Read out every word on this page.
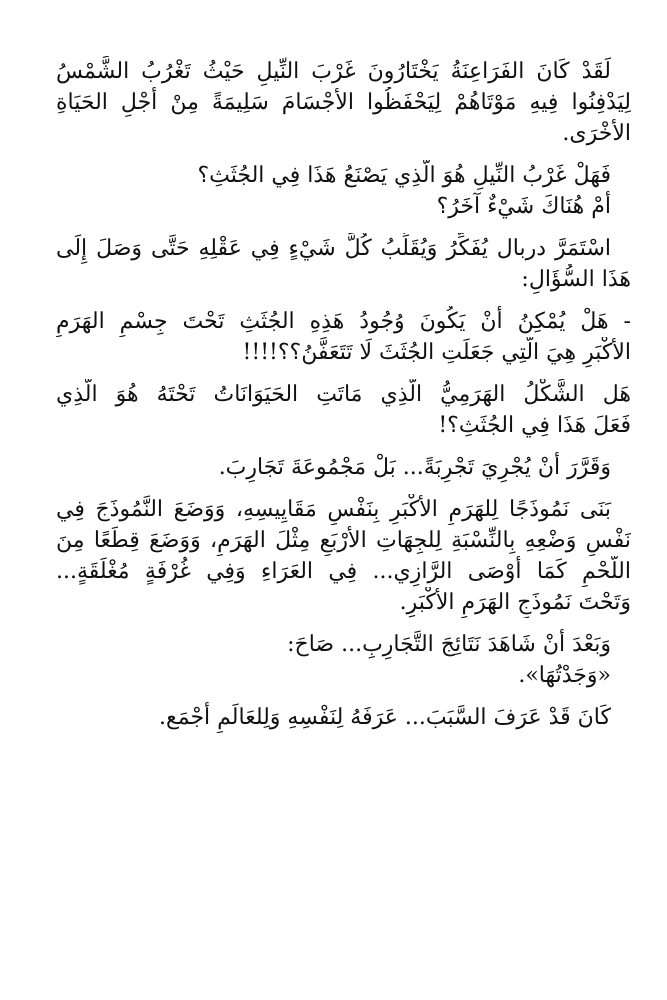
لَقَدْ كَانَ الفَرَاعِنَةُ يَخْتَارُونَ غَرْبَ النِّيلِ حَيْثُ تَغْرُبُ الشَّمْسُ
لِيَدْفِنُوا فِيهِ مَوْتَاهُمْ لِيَحْفَظُوا الأَجْسَامَ سَلِيمَةً مِنْ أَجْلِ الحَيَاةِ
الأُخْرَى.
فَهَلْ غَرْبُ النِّيلِ هُوَ الَّذِي يَصْنَعُ هَذَا فِي الجُثَثِ؟
أَمْ هُنَاكَ شَيْءٌ آخَرُ؟
اسْتَمَرَّ دربال يُفَكِّرُ وَيُقَلِّبُ كُلَّ شَيْءٍ فِي عَقْلِهِ حَتَّى وَصَلَ إِلَى
هَذَا السُّؤَالِ:
- هَلْ يُمْكِنُ أَنْ يَكُونَ وُجُودُ هَذِهِ الجُثَثِ تَحْتَ جِسْمِ الهَرَمِ
الأَكْبَرِ هِيَ الَّتِي جَعَلَتِ الجُثَثَ لَا تَتَعَفَّنُ؟؟!!!!
هَل الشَّكْلُ الهَرَمِيُّ الَّذِي مَاتَتِ الحَيَوَانَاتُ تَحْتَهُ هُوَ الَّذِي
فَعَلَ هَذَا فِي الجُثَثِ؟!
وَقَرَّرَ أَنْ يُجْرِيَ تَجْرِبَةً... بَلْ مَجْمُوعَةَ تَجَارِبَ.
بَنَى نَمُوذَجًا لِلهَرَمِ الأَكْبَرِ بِنَفْسِ مَقَايِيسِهِ، وَوَضَعَ النَّمُوذَجَ فِي
نَفْسِ وَضْعِهِ بِالنِّسْبَةِ لِلجِهَاتِ الأَرْبَعِ مِثْلَ الهَرَمِ، وَوَضَعَ قِطَعًا مِنَ
اللَّحْمِ كَمَا أَوْصَى الرَّازِي... فِي العَرَاءِ وَفِي غُرْفَةٍ مُغْلَقَةٍ...
وَتَحْتَ نَمُوذَجِ الهَرَمِ الأَكْبَرِ.
وَبَعْدَ أَنْ شَاهَدَ نَتَائِجَ التَّجَارِبِ... صَاحَ:
«وَجَدْتُهَا».
كَانَ قَدْ عَرَفَ السَّبَبَ... عَرَفَهُ لِنَفْسِهِ وَلِلعَالَمِ أَجْمَع.
